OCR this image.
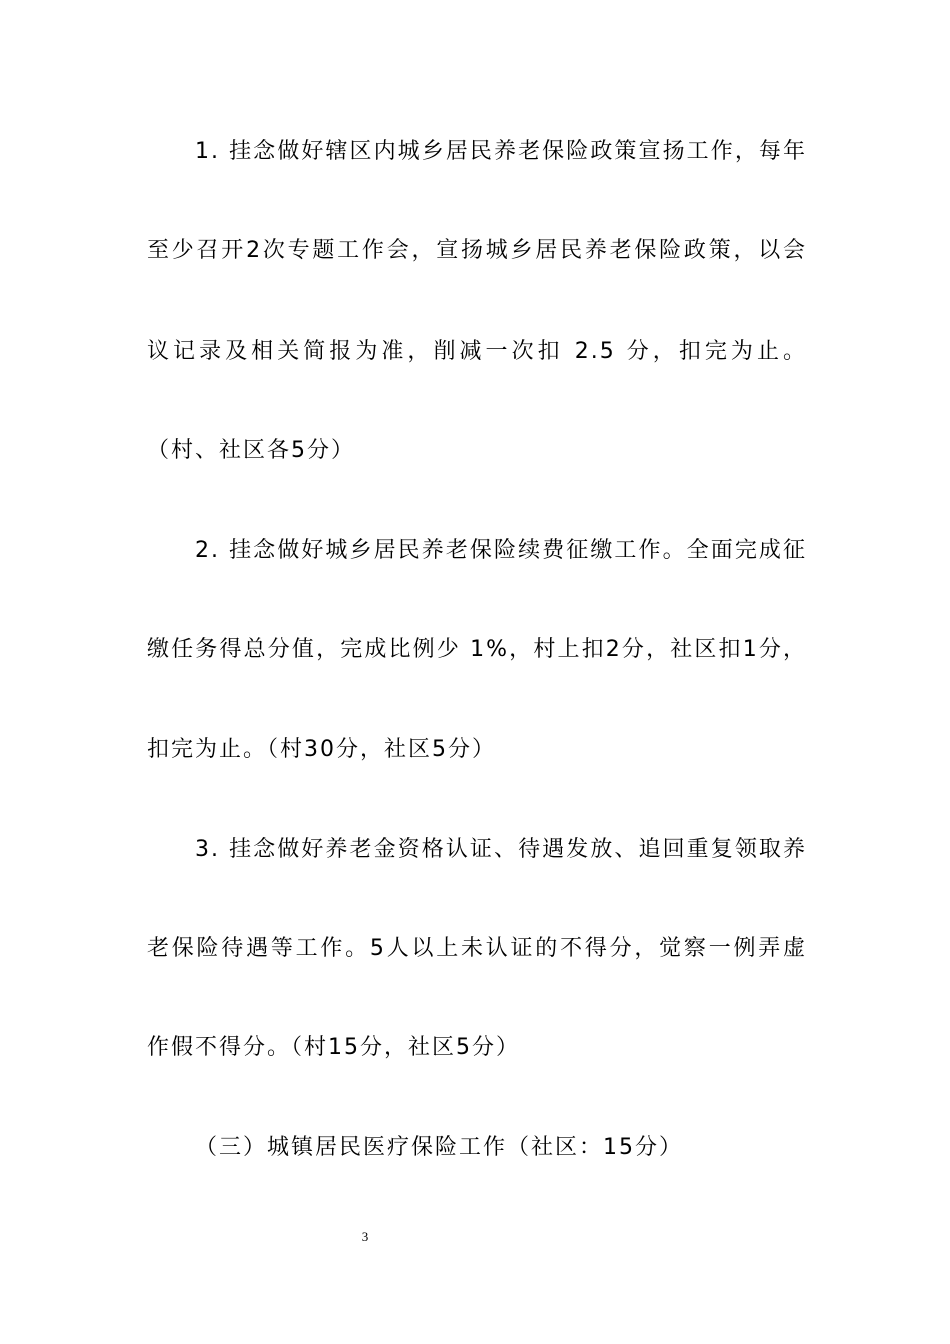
1. 挂念做好辖区内城乡居民养老保险政策宣扬工作，每年
至少召开2次专题工作会，宣扬城乡居民养老保险政策，以会
议记录及相关简报为准，削减一次扣 2.5 分，扣完为止。
（村、社区各5分）
2. 挂念做好城乡居民养老保险续费征缴工作。全面完成征
缴任务得总分值，完成比例少 1%，村上扣2分，社区扣1分，
扣完为止。（村30分，社区5分）
3. 挂念做好养老金资格认证、待遇发放、追回重复领取养
老保险待遇等工作。5人以上未认证的不得分，觉察一例弄虚
作假不得分。（村15分，社区5分）
（三）城镇居民医疗保险工作（社区：15分）
3
